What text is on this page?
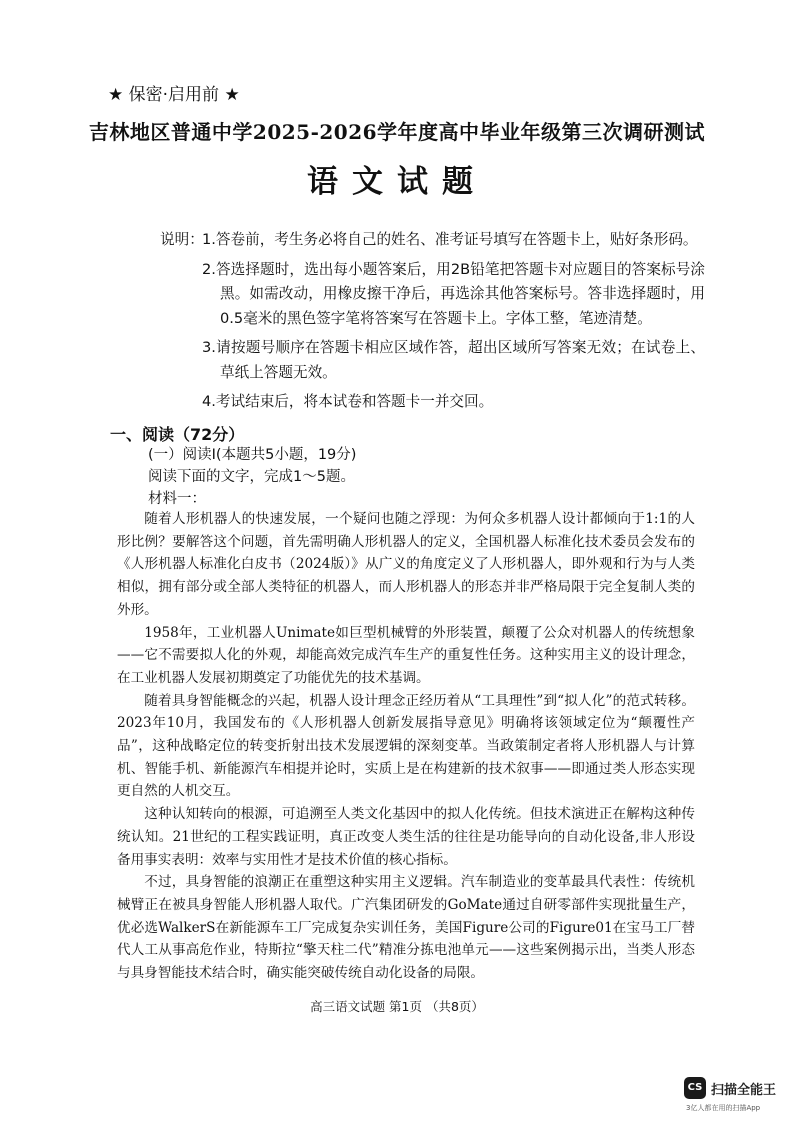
★ 保密·启用前 ★
吉林地区普通中学2025-2026学年度高中毕业年级第三次调研测试
语文试题
说明：
1.答卷前，考生务必将自己的姓名、准考证号填写在答题卡上，贴好条形码。
2.答选择题时，选出每小题答案后，用2B铅笔把答题卡对应题目的答案标号涂黑。如需改动，用橡皮擦干净后，再选涂其他答案标号。答非选择题时，用0.5毫米的黑色签字笔将答案写在答题卡上。字体工整，笔迹清楚。
3.请按题号顺序在答题卡相应区域作答，超出区域所写答案无效；在试卷上、草纸上答题无效。
4.考试结束后，将本试卷和答题卡一并交回。
一、阅读（72分）
(一）阅读Ⅰ(本题共5小题，19分)
阅读下面的文字，完成1～5题。
材料一：

随着人形机器人的快速发展，一个疑问也随之浮现：为何众多机器人设计都倾向于1:1的人形比例？要解答这个问题，首先需明确人形机器人的定义，全国机器人标准化技术委员会发布的《人形机器人标准化白皮书（2024版）》从广义的角度定义了人形机器人，即外观和行为与人类相似，拥有部分或全部人类特征的机器人，而人形机器人的形态并非严格局限于完全复制人类的外形。

1958年，工业机器人Unimate如巨型机械臂的外形装置，颠覆了公众对机器人的传统想象——它不需要拟人化的外观，却能高效完成汽车生产的重复性任务。这种实用主义的设计理念，在工业机器人发展初期奠定了功能优先的技术基调。

随着具身智能概念的兴起，机器人设计理念正经历着从“工具理性”到“拟人化”的范式转移。2023年10月，我国发布的《人形机器人创新发展指导意见》明确将该领域定位为“颠覆性产品”，这种战略定位的转变折射出技术发展逻辑的深刻变革。当政策制定者将人形机器人与计算机、智能手机、新能源汽车相提并论时，实质上是在构建新的技术叙事——即通过类人形态实现更自然的人机交互。

这种认知转向的根源，可追溯至人类文化基因中的拟人化传统。但技术演进正在解构这种传统认知。21世纪的工程实践证明，真正改变人类生活的往往是功能导向的自动化设备,非人形设备用事实表明：效率与实用性才是技术价值的核心指标。

不过，具身智能的浪潮正在重塑这种实用主义逻辑。汽车制造业的变革最具代表性：传统机械臂正在被具身智能人形机器人取代。广汽集团研发的GoMate通过自研零部件实现批量生产，优必选WalkerS在新能源车工厂完成复杂实训任务，美国Figure公司的Figure01在宝马工厂替代人工从事高危作业，特斯拉“擎天柱二代”精准分拣电池单元——这些案例揭示出，当类人形态与具身智能技术结合时，确实能突破传统自动化设备的局限。

高三语文试题 第1页 （共8页）
CS 扫描全能王
3亿人都在用的扫描App
